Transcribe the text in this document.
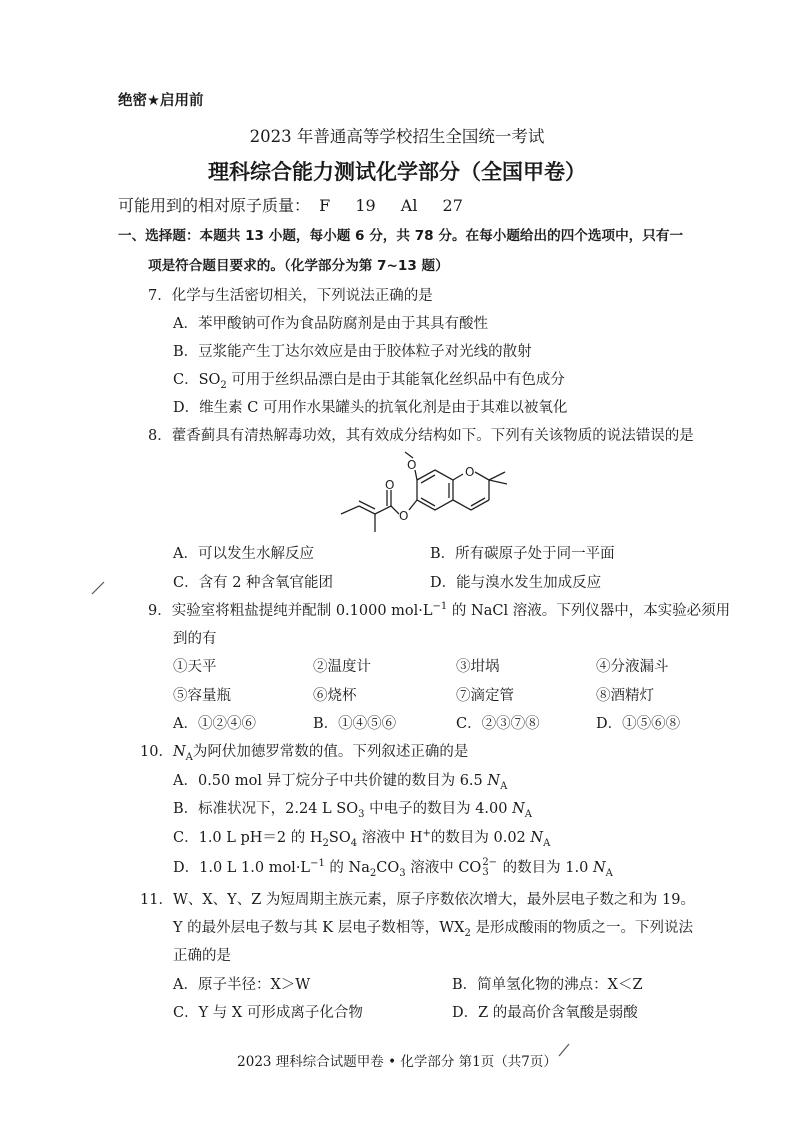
绝密★启用前
2023 年普通高等学校招生全国统一考试
理科综合能力测试化学部分（全国甲卷）
可能用到的相对原子质量： F 19 Al 27
一、选择题：本题共 13 小题，每小题 6 分，共 78 分。在每小题给出的四个选项中，只有一
项是符合题目要求的。（化学部分为第 7~13 题）
7．化学与生活密切相关，下列说法正确的是
A．苯甲酸钠可作为食品防腐剂是由于其具有酸性
B．豆浆能产生丁达尔效应是由于胶体粒子对光线的散射
C．$SO_2$ 可用于丝织品漂白是由于其能氧化丝织品中有色成分
D．维生素 C 可用作水果罐头的抗氧化剂是由于其难以被氧化
8．藿香蓟具有清热解毒功效，其有效成分结构如下。下列有关该物质的说法错误的是
O	O
O
O
A．可以发生水解反应	B．所有碳原子处于同一平面
C．含有 2 种含氧官能团	D．能与溴水发生加成反应
9．实验室将粗盐提纯并配制 0.1000 $mol\cdot L^{-1}$ 的 NaCl 溶液。下列仪器中，本实验必须用
到的有
①天平	②温度计	③坩埚	④分液漏斗
⑤容量瓶	⑥烧杯	⑦滴定管	⑧酒精灯
A．①②④⑥	B．①④⑤⑥	C．②③⑦⑧	D．①⑤⑥⑧
10．$N_A$为阿伏加德罗常数的值。下列叙述正确的是
A．0.50 mol 异丁烷分子中共价键的数目为 6.5 $N_A$
B．标准状况下，2.24 L $SO_3$ 中电子的数目为 4.00 $N_A$
C．1.0 L pH＝2 的 $H_2SO_4$ 溶液中 H+的数目为 0.02 $N_A$
D．1.0 L 1.0 $mol\cdot L^{-1}$ 的 $Na_2CO_3$ 溶液中 CO 2−
3 的数目为 1.0 $N_A$
11．W、X、Y、Z 为短周期主族元素，原子序数依次增大，最外层电子数之和为 19。
Y 的最外层电子数与其 K 层电子数相等，$WX_2$ 是形成酸雨的物质之一。下列说法
正确的是
A．原子半径：X＞W	B．简单氢化物的沸点：X＜Z
C．Y 与 X 可形成离子化合物	D．Z 的最高价含氧酸是弱酸
2023 理科综合试题甲卷 • 化学部分 第1页（共7页）
